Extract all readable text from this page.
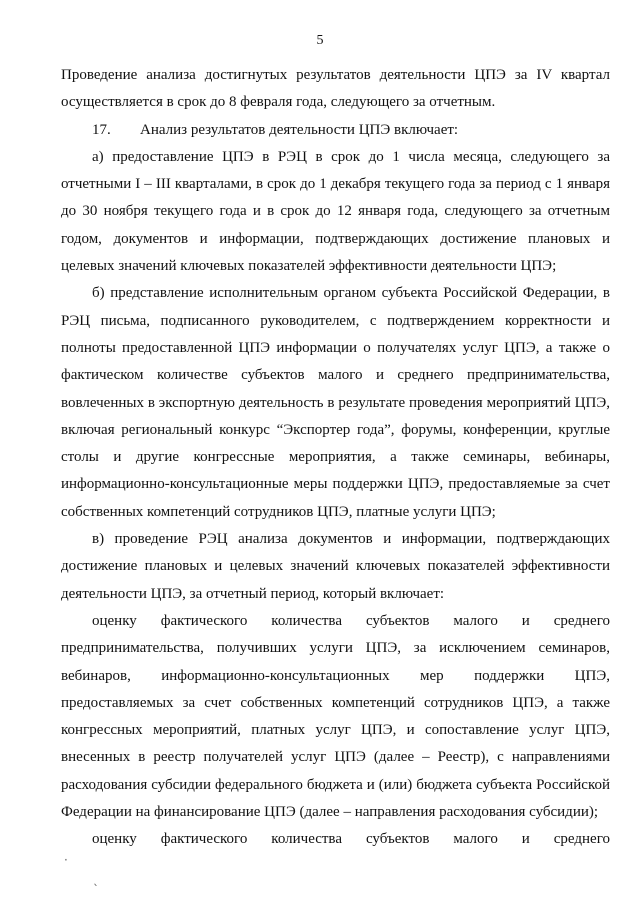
5

Проведение анализа достигнутых результатов деятельности ЦПЭ за IV квартал осуществляется в срок до 8 февраля года, следующего за отчетным.

17. Анализ результатов деятельности ЦПЭ включает:

а) предоставление ЦПЭ в РЭЦ в срок до 1 числа месяца, следующего за отчетными I – III кварталами, в срок до 1 декабря текущего года за период с 1 января до 30 ноября текущего года и в срок до 12 января года, следующего за отчетным годом, документов и информации, подтверждающих достижение плановых и целевых значений ключевых показателей эффективности деятельности ЦПЭ;

б) представление исполнительным органом субъекта Российской Федерации, в РЭЦ письма, подписанного руководителем, с подтверждением корректности и полноты предоставленной ЦПЭ информации о получателях услуг ЦПЭ, а также о фактическом количестве субъектов малого и среднего предпринимательства, вовлеченных в экспортную деятельность в результате проведения мероприятий ЦПЭ, включая региональный конкурс “Экспортер года”, форумы, конференции, круглые столы и другие конгрессные мероприятия, а также семинары, вебинары, информационно-консультационные меры поддержки ЦПЭ, предоставляемые за счет собственных компетенций сотрудников ЦПЭ, платные услуги ЦПЭ;

в) проведение РЭЦ анализа документов и информации, подтверждающих достижение плановых и целевых значений ключевых показателей эффективности деятельности ЦПЭ, за отчетный период, который включает:

оценку фактического количества субъектов малого и среднего предпринимательства, получивших услуги ЦПЭ, за исключением семинаров, вебинаров, информационно-консультационных мер поддержки ЦПЭ, предоставляемых за счет собственных компетенций сотрудников ЦПЭ, а также конгрессных мероприятий, платных услуг ЦПЭ, и сопоставление услуг ЦПЭ, внесенных в реестр получателей услуг ЦПЭ (далее – Реестр), с направлениями расходования субсидии федерального бюджета и (или) бюджета субъекта Российской Федерации на финансирование ЦПЭ (далее – направления расходования субсидии);

оценку фактического количества субъектов малого и среднего

·
ˎ
